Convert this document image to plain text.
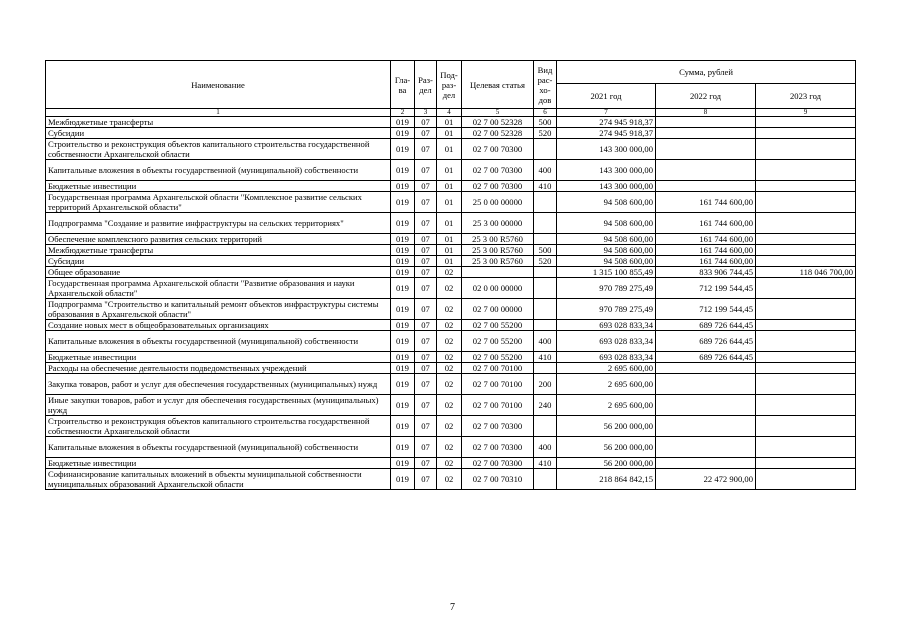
Наименование	Гла-ва	Раз-дел	Под-раз-дел	Целевая статья	Вид рас-хо-дов	Сумма, рублей		
						2021 год	2022 год	2023 год
1	2	3	4	5	6	7	8	9
Межбюджетные трансферты	019	07	01	02 7 00 52328	500	274 945 918,37		
Субсидии	019	07	01	02 7 00 52328	520	274 945 918,37		
Строительство и реконструкция объектов капитального строительства государственной собственности Архангельской области	019	07	01	02 7 00 70300		143 300 000,00		
Капитальные вложения в объекты государственной (муниципальной) собственности	019	07	01	02 7 00 70300	400	143 300 000,00		
Бюджетные инвестиции	019	07	01	02 7 00 70300	410	143 300 000,00		
Государственная программа Архангельской области "Комплексное развитие сельских территорий Архангельской области"	019	07	01	25 0 00 00000		94 508 600,00	161 744 600,00	
Подпрограмма "Создание и развитие инфраструктуры на сельских территориях"	019	07	01	25 3 00 00000		94 508 600,00	161 744 600,00	
Обеспечение комплексного развития сельских территорий	019	07	01	25 3 00 R5760		94 508 600,00	161 744 600,00	
Межбюджетные трансферты	019	07	01	25 3 00 R5760	500	94 508 600,00	161 744 600,00	
Субсидии	019	07	01	25 3 00 R5760	520	94 508 600,00	161 744 600,00	
Общее образование	019	07	02			1 315 100 855,49	833 906 744,45	118 046 700,00
Государственная программа Архангельской области "Развитие образования и науки Архангельской области"	019	07	02	02 0 00 00000		970 789 275,49	712 199 544,45	
Подпрограмма "Строительство и капитальный ремонт объектов инфраструктуры системы образования в Архангельской области"	019	07	02	02 7 00 00000		970 789 275,49	712 199 544,45	
Создание новых мест в общеобразовательных организациях	019	07	02	02 7 00 55200		693 028 833,34	689 726 644,45	
Капитальные вложения в объекты государственной (муниципальной) собственности	019	07	02	02 7 00 55200	400	693 028 833,34	689 726 644,45	
Бюджетные инвестиции	019	07	02	02 7 00 55200	410	693 028 833,34	689 726 644,45	
Расходы на обеспечение деятельности подведомственных учреждений	019	07	02	02 7 00 70100		2 695 600,00		
Закупка товаров, работ и услуг для обеспечения государственных (муниципальных) нужд	019	07	02	02 7 00 70100	200	2 695 600,00		
Иные закупки товаров, работ и услуг для обеспечения государственных (муниципальных) нужд	019	07	02	02 7 00 70100	240	2 695 600,00		
Строительство и реконструкция объектов капитального строительства государственной собственности Архангельской области	019	07	02	02 7 00 70300		56 200 000,00		
Капитальные вложения в объекты государственной (муниципальной) собственности	019	07	02	02 7 00 70300	400	56 200 000,00		
Бюджетные инвестиции	019	07	02	02 7 00 70300	410	56 200 000,00		
Софинансирование капитальных вложений в объекты муниципальной собственности муниципальных образований Архангельской области	019	07	02	02 7 00 70310		218 864 842,15	22 472 900,00	
7
